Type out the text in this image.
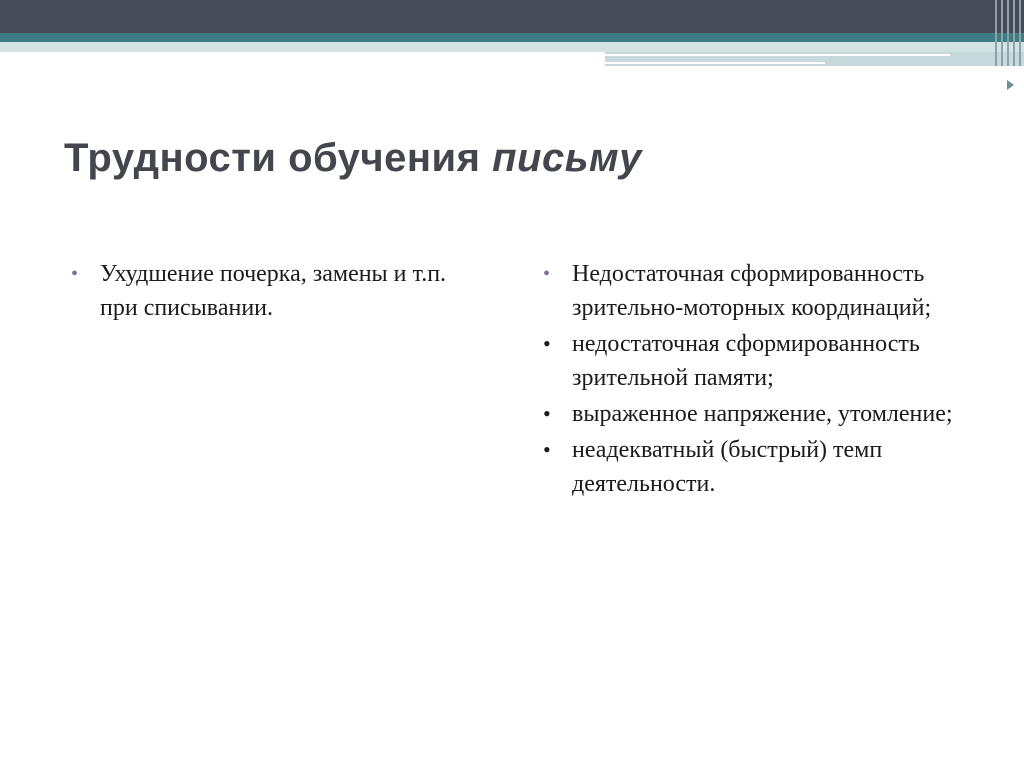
Трудности обучения письму
• Ухудшение почерка, замены и т.п. при списывании.
• Недостаточная сформированность зрительно-моторных координаций;
• недостаточная сформированность зрительной памяти;
• выраженное напряжение, утомление;
• неадекватный (быстрый) темп деятельности.
